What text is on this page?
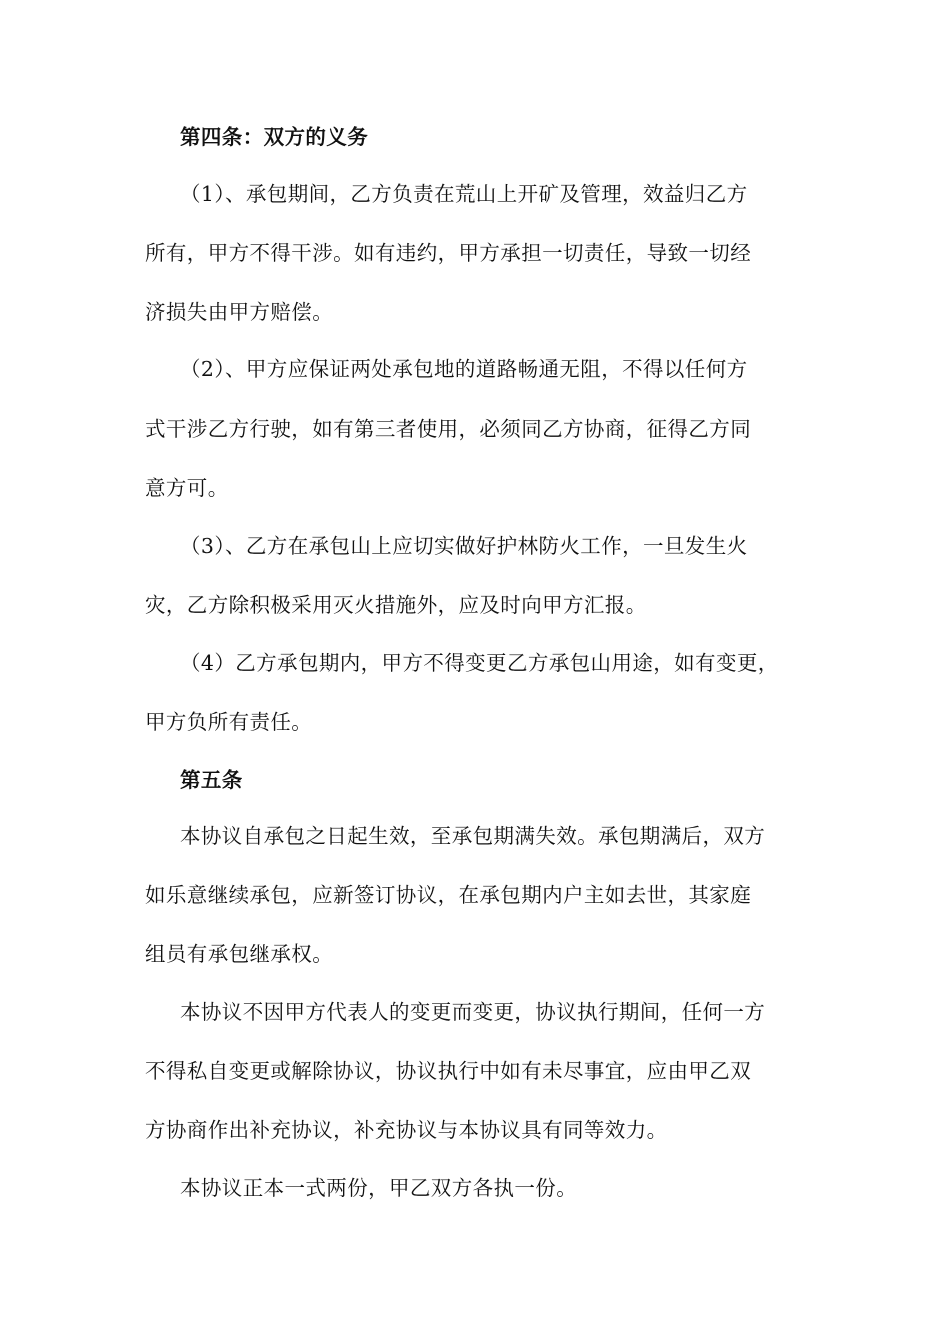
第四条：双方的义务
（1）、承包期间，乙方负责在荒山上开矿及管理，效益归乙方
所有，甲方不得干涉。如有违约，甲方承担一切责任，导致一切经
济损失由甲方赔偿。
（2）、甲方应保证两处承包地的道路畅通无阻，不得以任何方
式干涉乙方行驶，如有第三者使用，必须同乙方协商，征得乙方同
意方可。
（3）、乙方在承包山上应切实做好护林防火工作，一旦发生火
灾，乙方除积极采用灭火措施外，应及时向甲方汇报。
（4）乙方承包期内，甲方不得变更乙方承包山用途，如有变更，
甲方负所有责任。
第五条
本协议自承包之日起生效，至承包期满失效。承包期满后，双方
如乐意继续承包，应新签订协议，在承包期内户主如去世，其家庭
组员有承包继承权。
本协议不因甲方代表人的变更而变更，协议执行期间，任何一方
不得私自变更或解除协议，协议执行中如有未尽事宜，应由甲乙双
方协商作出补充协议，补充协议与本协议具有同等效力。
本协议正本一式两份，甲乙双方各执一份。
